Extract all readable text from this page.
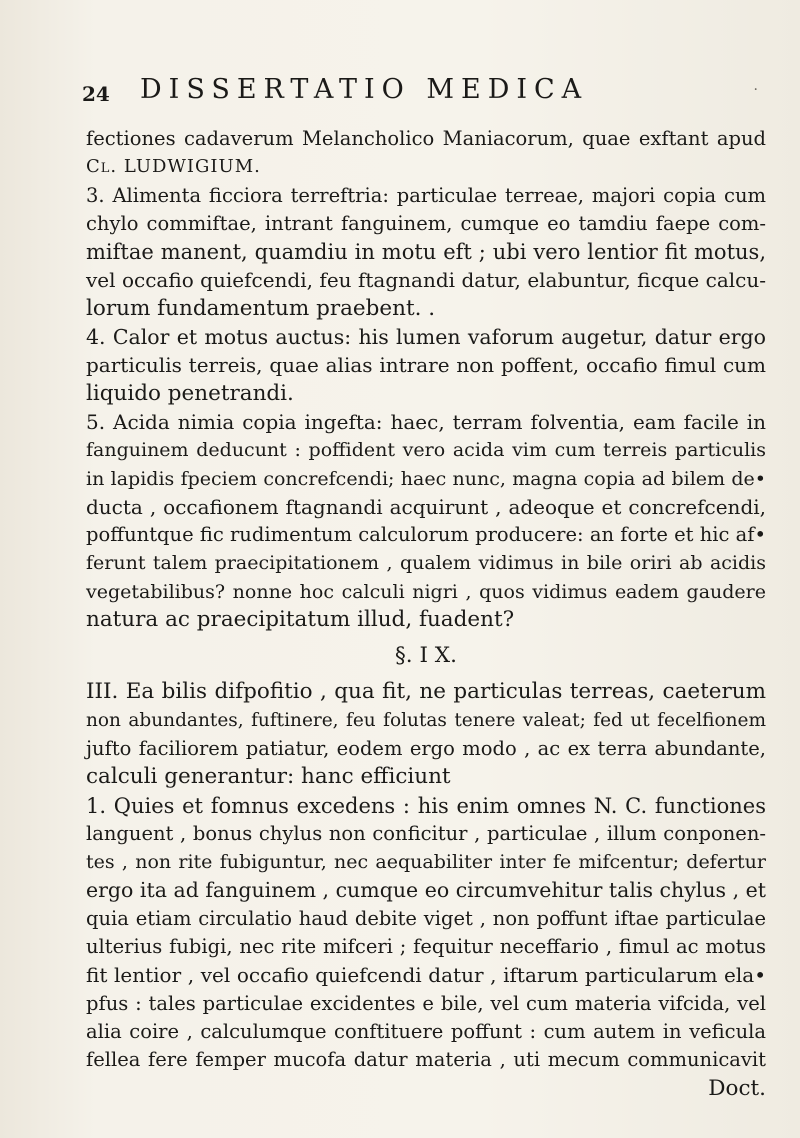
24 DISSERTATIO MEDICA	·
fectiones cadaverum Melancholico Maniacorum, quae exftant apud
Cl. LUDWIGIUM.
3. Alimenta ficciora terreftria: particulae terreae, majori copia cum
chylo commiftae, intrant fanguinem, cumque eo tamdiu faepe com-
miftae manent, quamdiu in motu eft ; ubi vero lentior fit motus,
vel occafio quiefcendi, feu ftagnandi datur, elabuntur, ficque calcu-
lorum fundamentum praebent. .
4. Calor et motus auctus: his lumen vaforum augetur, datur ergo
particulis terreis, quae alias intrare non poffent, occafio fimul cum
liquido penetrandi.
5. Acida nimia copia ingefta: haec, terram folventia, eam facile in
fanguinem deducunt : poffident vero acida vim cum terreis particulis
in lapidis fpeciem concrefcendi; haec nunc, magna copia ad bilem de•
ducta , occafionem ftagnandi acquirunt , adeoque et concrefcendi,
poffuntque fic rudimentum calculorum producere: an forte et hic af•
ferunt talem praecipitationem , qualem vidimus in bile oriri ab acidis
vegetabilibus? nonne hoc calculi nigri , quos vidimus eadem gaudere
natura ac praecipitatum illud, fuadent?
§. I X.
III. Ea bilis difpofitio , qua fit, ne particulas terreas, caeterum
non abundantes, fuftinere, feu folutas tenere valeat; fed ut fecelfionem
jufto faciliorem patiatur, eodem ergo modo , ac ex terra abundante,
calculi generantur: hanc efficiunt
1. Quies et fomnus excedens : his enim omnes N. C. functiones
languent , bonus chylus non conficitur , particulae , illum conponen-
tes , non rite fubiguntur, nec aequabiliter inter fe mifcentur; defertur
ergo ita ad fanguinem , cumque eo circumvehitur talis chylus , et
quia etiam circulatio haud debite viget , non poffunt iftae particulae
ulterius fubigi, nec rite mifceri ; fequitur neceffario , fimul ac motus
fit lentior , vel occafio quiefcendi datur , iftarum particularum ela•
pfus : tales particulae excidentes e bile, vel cum materia vifcida, vel
alia coire , calculumque conftituere poffunt : cum autem in veficula
fellea fere femper mucofa datur materia , uti mecum communicavit
Doct.
